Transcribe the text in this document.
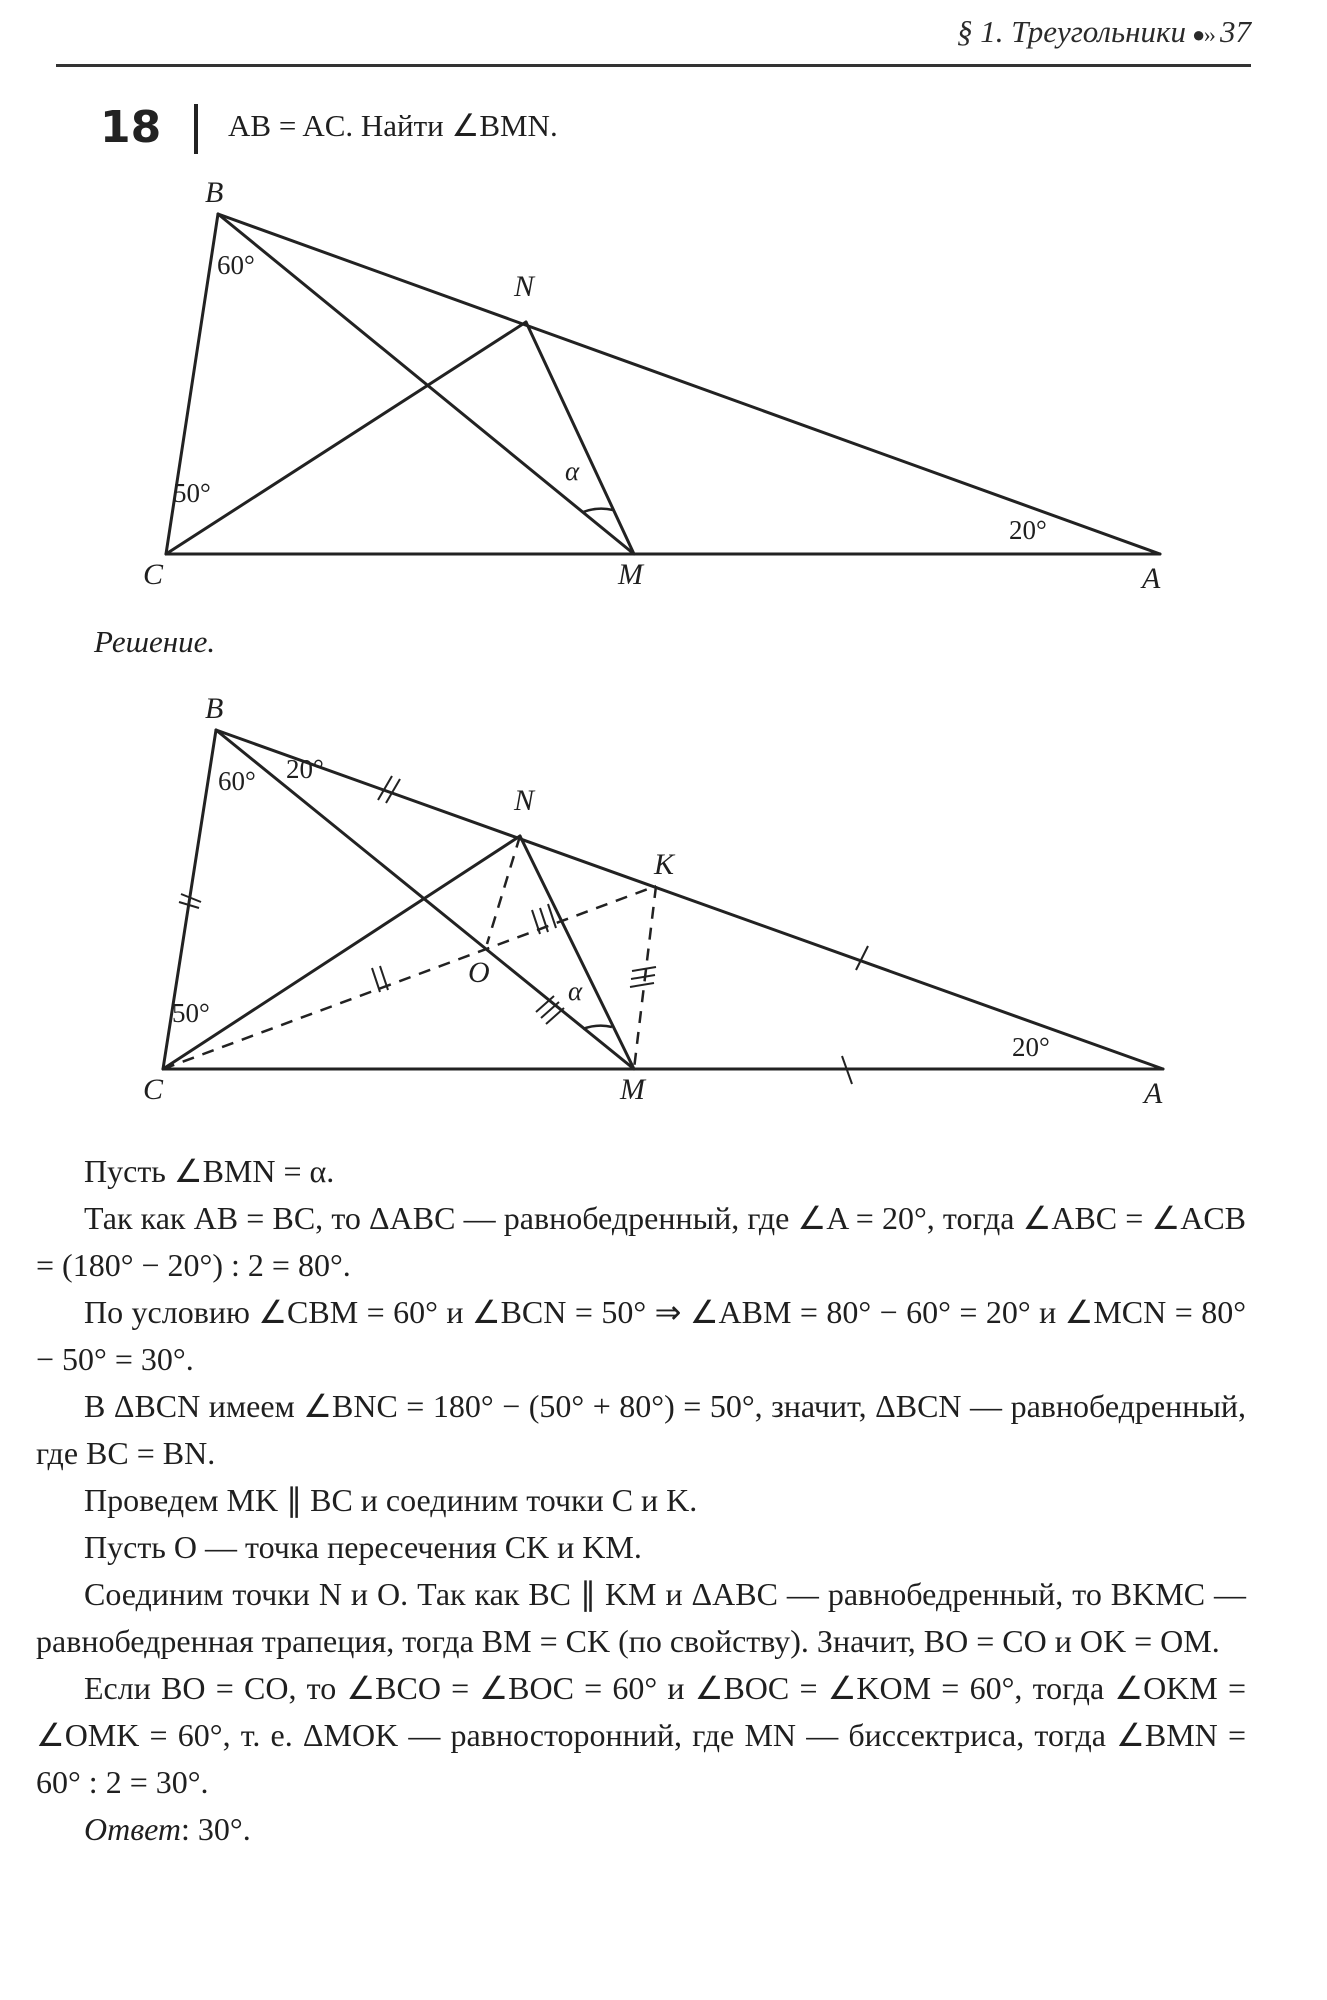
§ 1. Треугольники ●›› 37
18 AB = AC. Найти ∠BMN.
B
C	M	A
N
60°
50°
20°
α
Решение.
B
C	M	A
N
K
O
60° 20°
50°
20°
α

Пусть ∠BMN = α.

Так как AB = BC, то ΔABC — равнобедренный, где ∠A = 20°, тогда ∠ABC = ∠ACB = (180° − 20°) : 2 = 80°.

По условию ∠CBM = 60° и ∠BCN = 50° ⇒ ∠ABM = 80° − 60° = 20° и ∠MCN = 80° − 50° = 30°.

В ΔBCN имеем ∠BNC = 180° − (50° + 80°) = 50°, значит, ΔBCN — равнобедренный, где BC = BN.

Проведем MK ∥ BC и соединим точки C и K.

Пусть O — точка пересечения CK и KM.

Соединим точки N и O. Так как BC ∥ KM и ΔABC — равнобедренный, то BKMC — равнобедренная трапеция, тогда BM = CK (по свойству). Значит, BO = CO и OK = OM.

Если BO = CO, то ∠BCO = ∠BOC = 60° и ∠BOC = ∠KOM = 60°, тогда ∠OKM = ∠OMK = 60°, т. е. ΔMOK — равносторонний, где MN — биссектриса, тогда ∠BMN = 60° : 2 = 30°.

Ответ: 30°.
